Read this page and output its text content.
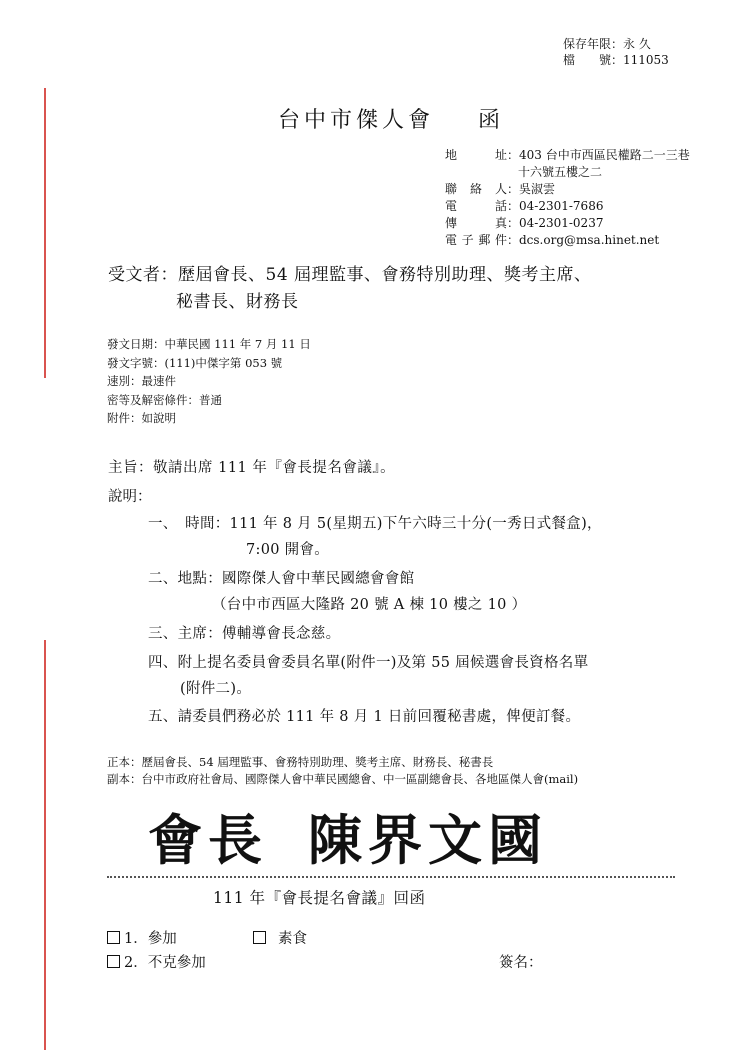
保存年限：永 久
檔　　號：111053
台中市傑人會 函
地　　址 ：403 台中市西區民權路二一三巷
十六號五樓之二
聯 絡 人 ：吳淑雲
電　　話 ：04-2301-7686
傳　　真 ：04-2301-0237
電子郵件 ：dcs.org@msa.hinet.net
受文者：歷屆會長、54 屆理監事、會務特別助理、獎考主席、
秘書長、財務長
發文日期：中華民國 111 年 7 月 11 日
發文字號：(111)中傑字第 053 號
速別：最速件
密等及解密條件：普通
附件：如說明
主旨：敬請出席 111 年『會長提名會議』。
說明：
一、　時間：111 年 8 月 5(星期五)下午六時三十分(一秀日式餐盒)，
7:00 開會。
二、地點：國際傑人會中華民國總會會館
（台中市西區大隆路 20 號 A 棟 10 樓之 10 ）
三、主席：傅輔導會長念慈。
四、附上提名委員會委員名單(附件一)及第 55 屆候選會長資格名單
(附件二)。
五、請委員們務必於 111 年 8 月 1 日前回覆秘書處，俾便訂餐。
正本：歷屆會長、54 屆理監事、會務特別助理、獎考主席、財務長、秘書長
副本：台中市政府社會局、國際傑人會中華民國總會、中一區副總會長、各地區傑人會(mail)
會長 陳界文國
111 年『會長提名會議』回函
1．參加	素食
2．不克參加	簽名：
